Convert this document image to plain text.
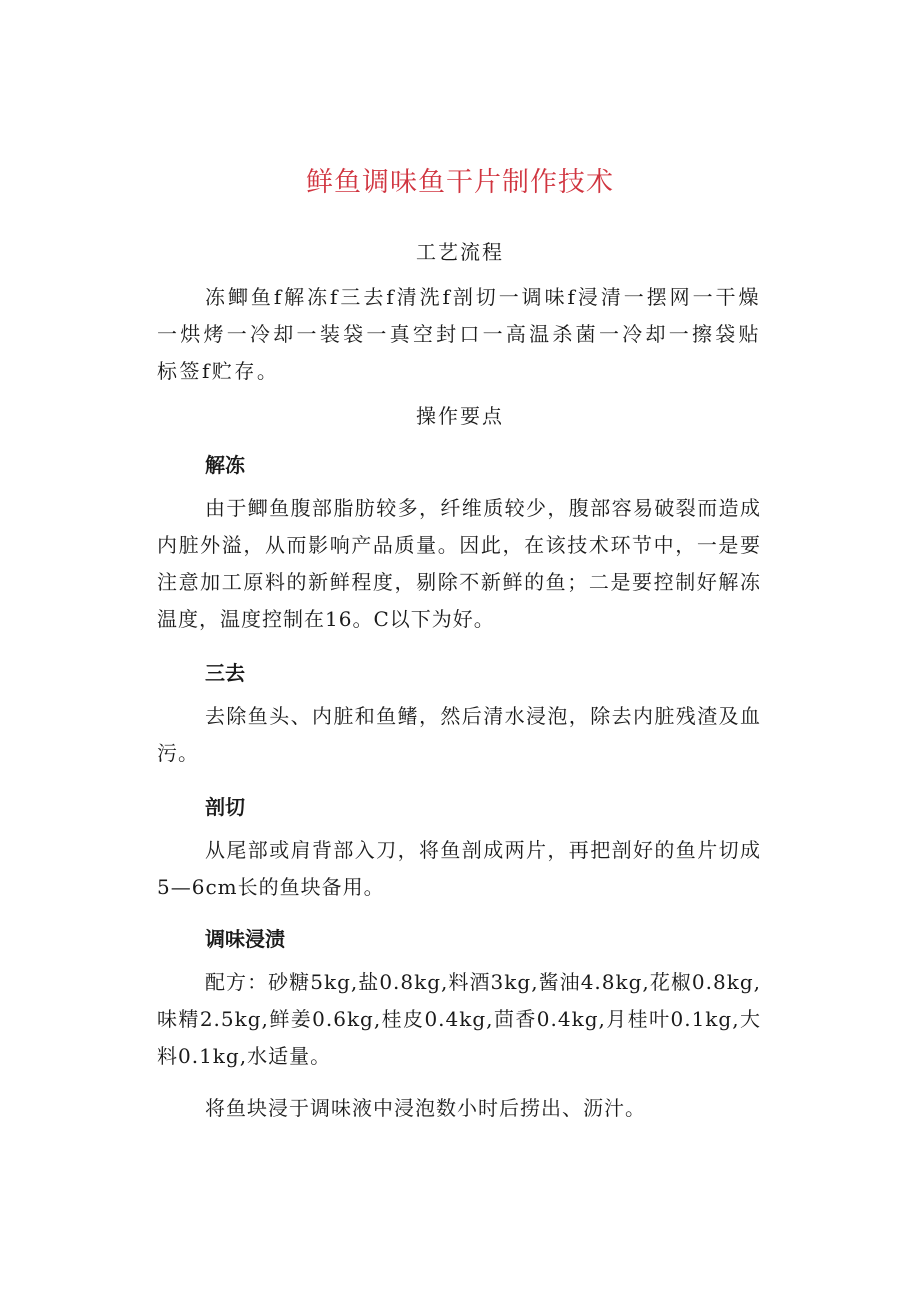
鲜鱼调味鱼干片制作技术
工艺流程
冻鲫鱼f解冻f三去f清洗f剖切一调味f浸清一摆网一干燥一烘烤一冷却一装袋一真空封口一高温杀菌一冷却一擦袋贴标签f贮存。
操作要点
解冻
由于鲫鱼腹部脂肪较多，纤维质较少，腹部容易破裂而造成内脏外溢，从而影响产品质量。因此，在该技术环节中，一是要注意加工原料的新鲜程度，剔除不新鲜的鱼；二是要控制好解冻温度，温度控制在16。C以下为好。
三去
去除鱼头、内脏和鱼鳍，然后清水浸泡，除去内脏残渣及血污。
剖切
从尾部或肩背部入刀，将鱼剖成两片，再把剖好的鱼片切成5—6cm长的鱼块备用。
调味浸渍
配方：砂糖5kg,盐0.8kg,料酒3kg,酱油4.8kg,花椒0.8kg,味精2.5kg,鲜姜0.6kg,桂皮0.4kg,茴香0.4kg,月桂叶0.1kg,大料0.1kg,水适量。
将鱼块浸于调味液中浸泡数小时后捞出、沥汁。
